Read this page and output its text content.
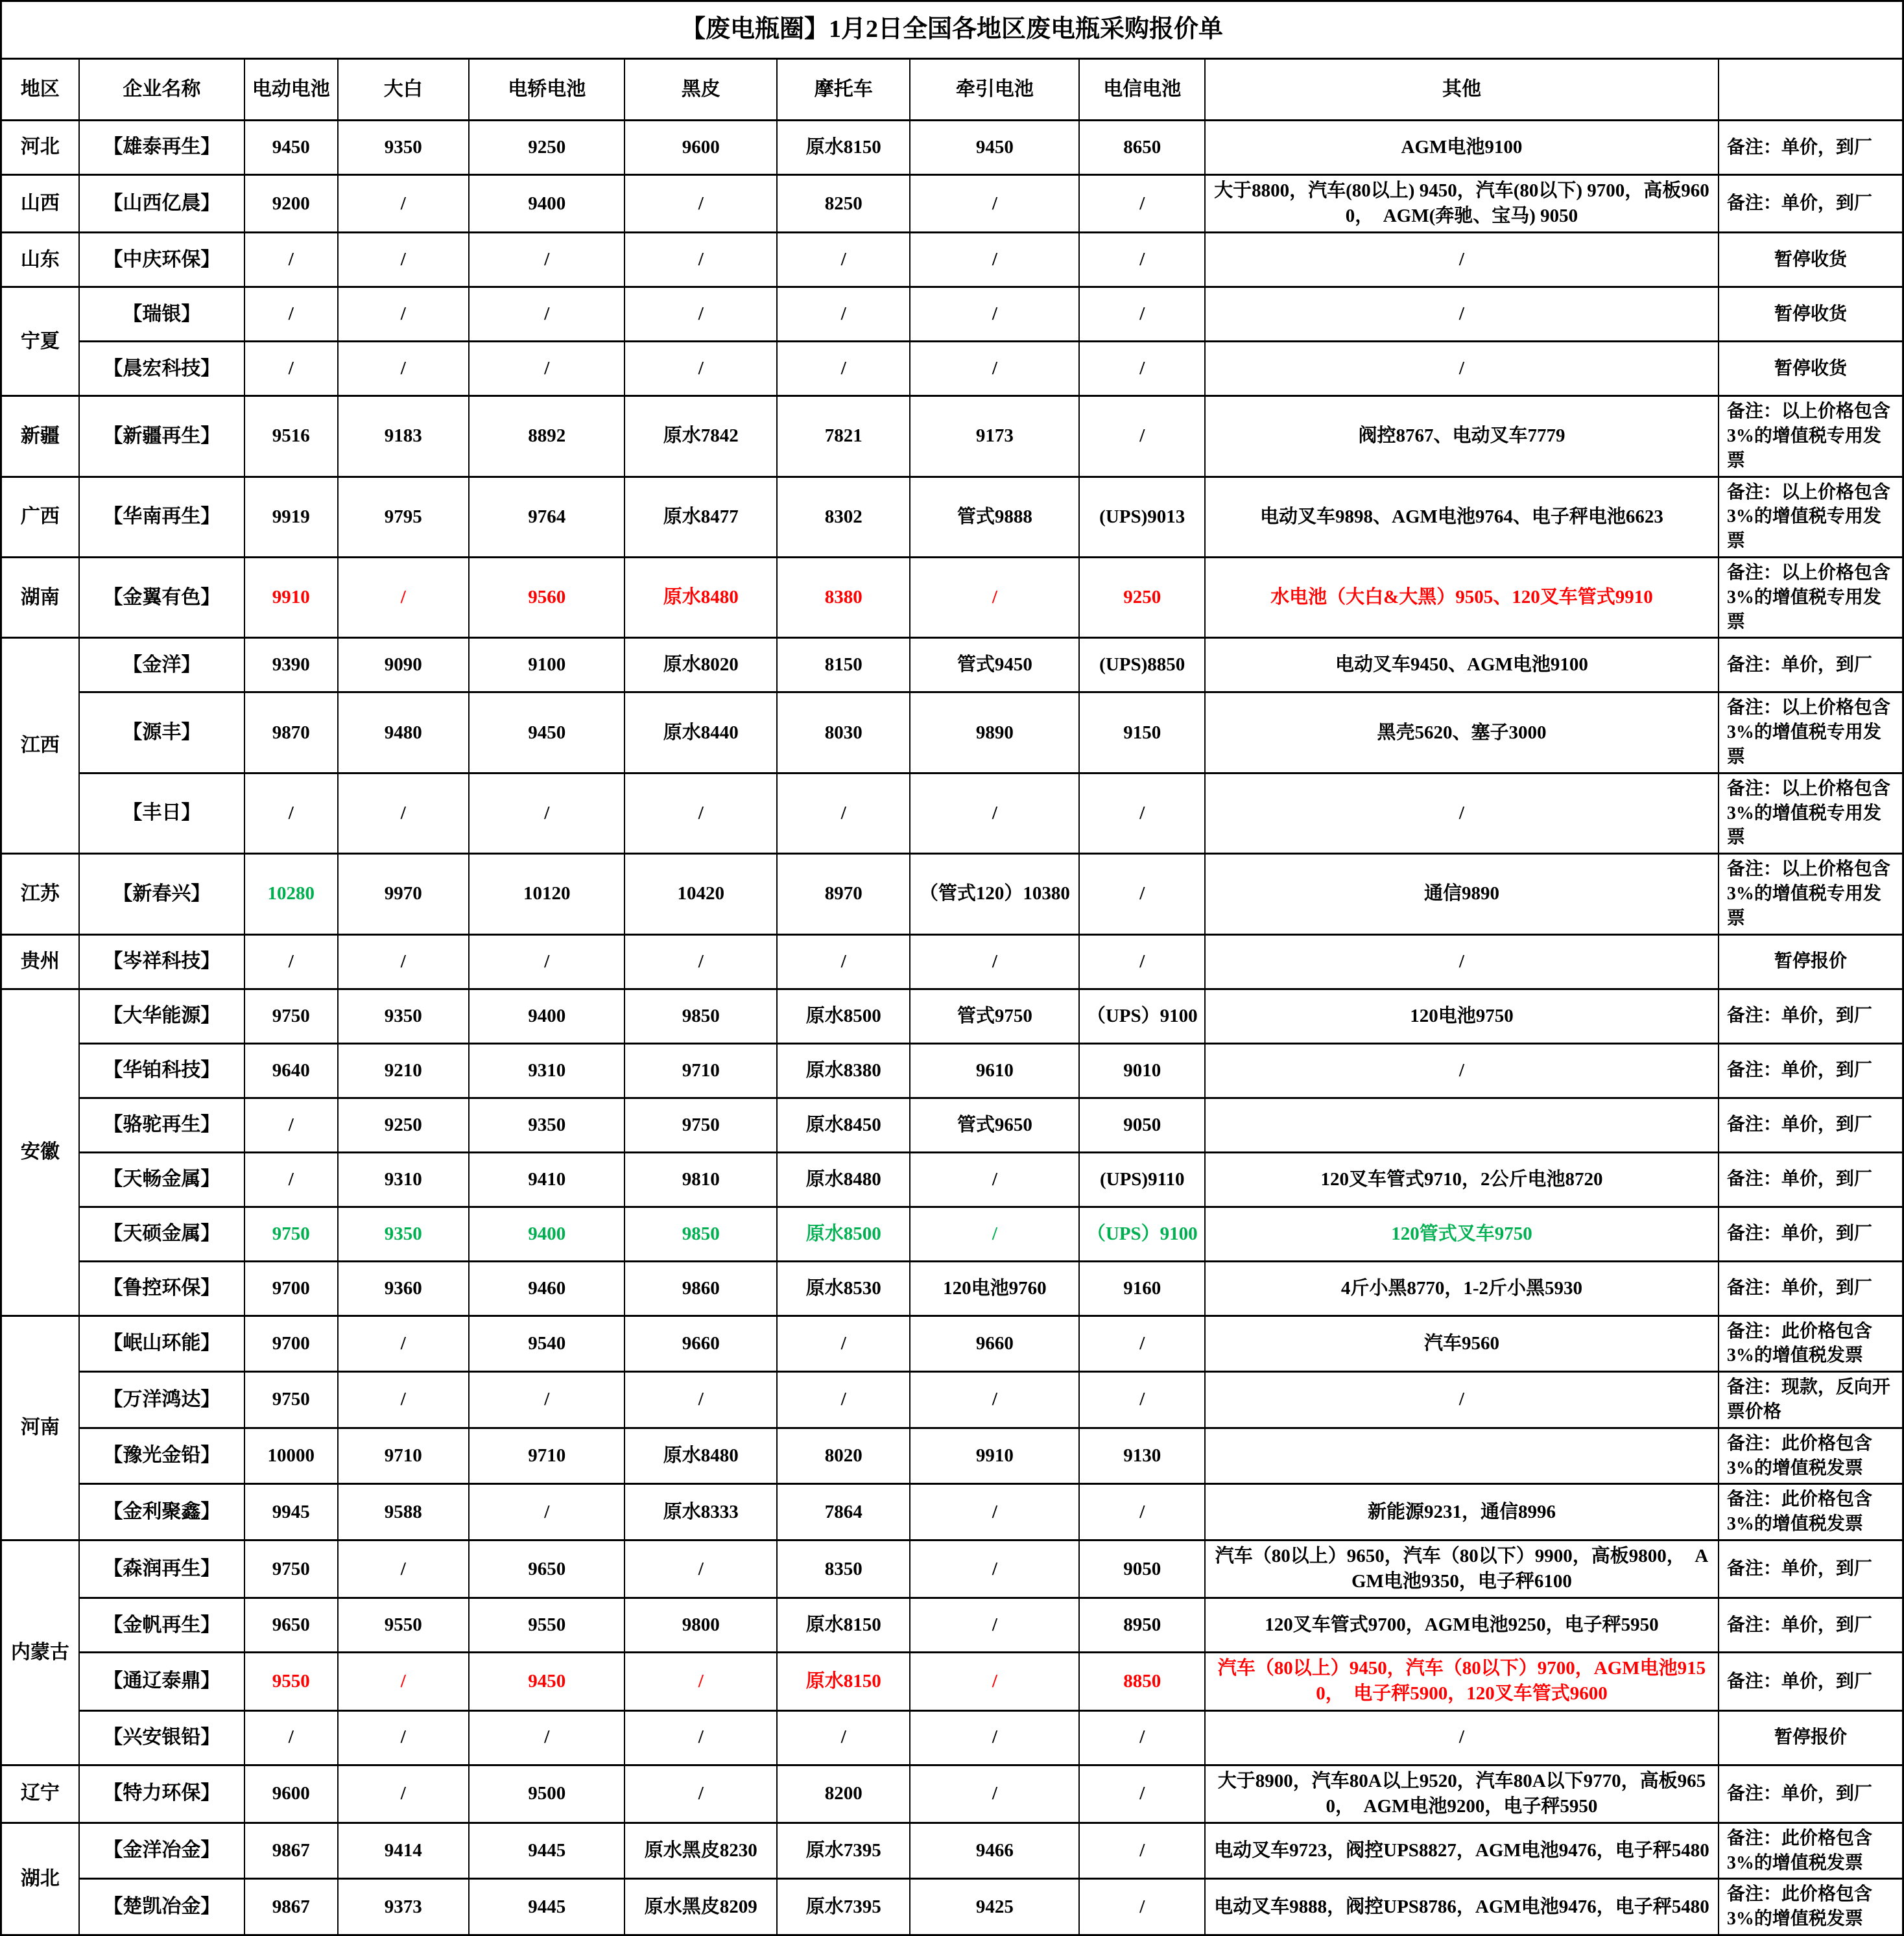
【废电瓶圈】1月2日全国各地区废电瓶采购报价单										
地区	企业名称	电动电池	大白	电轿电池	黑皮	摩托车	牵引电池	电信电池	其他	
河北	【雄泰再生】	9450	9350	9250	9600	原水8150	9450	8650	AGM电池9100	备注：单价，到厂
山西	【山西亿晨】	9200	/	9400	/	8250	/	/	大于8800，汽车(80以上) 9450，汽车(80以下) 9700，高板9600，　AGM(奔驰、宝马) 9050	备注：单价，到厂
山东	【中庆环保】	/	/	/	/	/	/	/	/	暂停收货
宁夏	【瑞银】	/	/	/	/	/	/	/	/	暂停收货
	【晨宏科技】	/	/	/	/	/	/	/	/	暂停收货
新疆	【新疆再生】	9516	9183	8892	原水7842	7821	9173	/	阀控8767、电动叉车7779	备注：以上价格包含3%的增值税专用发票
广西	【华南再生】	9919	9795	9764	原水8477	8302	管式9888	(UPS)9013	电动叉车9898、AGM电池9764、电子秤电池6623	备注：以上价格包含3%的增值税专用发票
湖南	【金翼有色】	9910	/	9560	原水8480	8380	/	9250	水电池（大白&大黑）9505、120叉车管式9910	备注：以上价格包含3%的增值税专用发票
江西	【金洋】	9390	9090	9100	原水8020	8150	管式9450	(UPS)8850	电动叉车9450、AGM电池9100	备注：单价，到厂
	【源丰】	9870	9480	9450	原水8440	8030	9890	9150	黑壳5620、塞子3000	备注：以上价格包含3%的增值税专用发票
	【丰日】	/	/	/	/	/	/	/	/	备注：以上价格包含3%的增值税专用发票
江苏	【新春兴】	10280	9970	10120	10420	8970	（管式120）10380	/	通信9890	备注：以上价格包含3%的增值税专用发票
贵州	【岑祥科技】	/	/	/	/	/	/	/	/	暂停报价
安徽	【大华能源】	9750	9350	9400	9850	原水8500	管式9750	（UPS）9100	120电池9750	备注：单价，到厂
	【华铂科技】	9640	9210	9310	9710	原水8380	9610	9010	/	备注：单价，到厂
	【骆驼再生】	/	9250	9350	9750	原水8450	管式9650	9050		备注：单价，到厂
	【天畅金属】	/	9310	9410	9810	原水8480	/	(UPS)9110	120叉车管式9710，2公斤电池8720	备注：单价，到厂
	【天硕金属】	9750	9350	9400	9850	原水8500	/	（UPS）9100	120管式叉车9750	备注：单价，到厂
	【鲁控环保】	9700	9360	9460	9860	原水8530	120电池9760	9160	4斤小黑8770，1-2斤小黑5930	备注：单价，到厂
河南	【岷山环能】	9700	/	9540	9660	/	9660	/	汽车9560	备注：此价格包含3%的增值税发票
	【万洋鸿达】	9750	/	/	/	/	/	/	/	备注：现款，反向开票价格
	【豫光金铅】	10000	9710	9710	原水8480	8020	9910	9130		备注：此价格包含3%的增值税发票
	【金利聚鑫】	9945	9588	/	原水8333	7864	/	/	新能源9231，通信8996	备注：此价格包含3%的增值税发票
内蒙古	【森润再生】	9750	/	9650	/	8350	/	9050	汽车（80以上）9650，汽车（80以下）9900，高板9800，　AGM电池9350，电子秤6100	备注：单价，到厂
	【金帆再生】	9650	9550	9550	9800	原水8150	/	8950	120叉车管式9700，AGM电池9250，电子秤5950	备注：单价，到厂
	【通辽泰鼎】	9550	/	9450	/	原水8150	/	8850	汽车（80以上）9450，汽车（80以下）9700，AGM电池9150，　电子秤5900，120叉车管式9600	备注：单价，到厂
	【兴安银铅】	/	/	/	/	/	/	/	/	暂停报价
辽宁	【特力环保】	9600	/	9500	/	8200	/	/	大于8900，汽车80A以上9520，汽车80A以下9770，高板9650，　AGM电池9200，电子秤5950	备注：单价，到厂
湖北	【金洋冶金】	9867	9414	9445	原水黑皮8230	原水7395	9466	/	电动叉车9723，阀控UPS8827，AGM电池9476，电子秤5480	备注：此价格包含3%的增值税发票
	【楚凯冶金】	9867	9373	9445	原水黑皮8209	原水7395	9425	/	电动叉车9888，阀控UPS8786，AGM电池9476，电子秤5480	备注：此价格包含3%的增值税发票
